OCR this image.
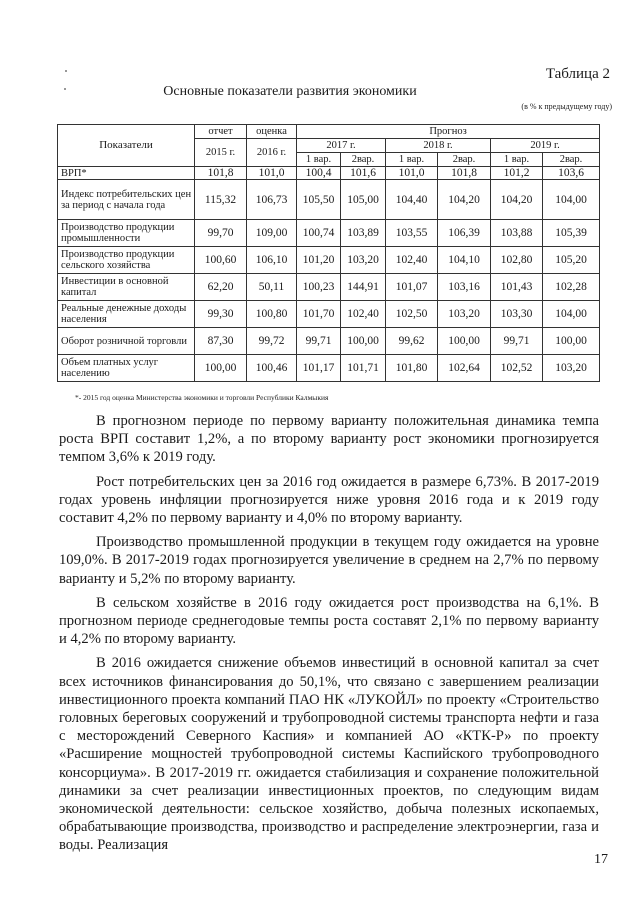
Таблица 2
Основные показатели развития экономики
(в % к предыдущему году)
Показатели	отчет	оценка	Прогноз					
	2015 г.	2016 г.	2017 г.		2018 г.		2019 г.	
			1 вар.	2вар.	1 вар.	2вар.	1 вар.	2вар.
ВРП*	101,8	101,0	100,4	101,6	101,0	101,8	101,2	103,6
Индекс потребительских цен за период с начала года	115,32	106,73	105,50	105,00	104,40	104,20	104,20	104,00
Производство продукции промышленности	99,70	109,00	100,74	103,89	103,55	106,39	103,88	105,39
Производство продукции сельского хозяйства	100,60	106,10	101,20	103,20	102,40	104,10	102,80	105,20
Инвестиции в основной капитал	62,20	50,11	100,23	144,91	101,07	103,16	101,43	102,28
Реальные денежные доходы населения	99,30	100,80	101,70	102,40	102,50	103,20	103,30	104,00
Оборот розничной торговли	87,30	99,72	99,71	100,00	99,62	100,00	99,71	100,00
Объем платных услуг населению	100,00	100,46	101,17	101,71	101,80	102,64	102,52	103,20
*- 2015 год оценка Министерства экономики и торговли Республики Калмыкия

В прогнозном периоде по первому варианту положительная динамика темпа роста ВРП составит 1,2%, а по второму варианту рост экономики прогнозируется темпом 3,6% к 2019 году.

Рост потребительских цен за 2016 год ожидается в размере 6,73%. В 2017-2019 годах уровень инфляции прогнозируется ниже уровня 2016 года и к 2019 году составит 4,2% по первому варианту и 4,0% по второму варианту.

Производство промышленной продукции в текущем году ожидается на уровне 109,0%. В 2017-2019 годах прогнозируется увеличение в среднем на 2,7% по первому варианту и 5,2% по второму варианту.

В сельском хозяйстве в 2016 году ожидается рост производства на 6,1%. В прогнозном периоде среднегодовые темпы роста составят 2,1% по первому варианту и 4,2% по второму варианту.

В 2016 ожидается снижение объемов инвестиций в основной капитал за счет всех источников финансирования до 50,1%, что связано с завершением реализации инвестиционного проекта компаний ПАО НК «ЛУКОЙЛ» по проекту «Строительство головных береговых сооружений и трубопроводной системы транспорта нефти и газа с месторождений Северного Каспия» и компанией АО «КТК-Р» по проекту «Расширение мощностей трубопроводной системы Каспийского трубопроводного консорциума». В 2017-2019 гг. ожидается стабилизация и сохранение положительной динамики за счет реализации инвестиционных проектов, по следующим видам экономической деятельности: сельское хозяйство, добыча полезных ископаемых, обрабатывающие производства, производство и распределение электроэнергии, газа и воды. Реализация

17
